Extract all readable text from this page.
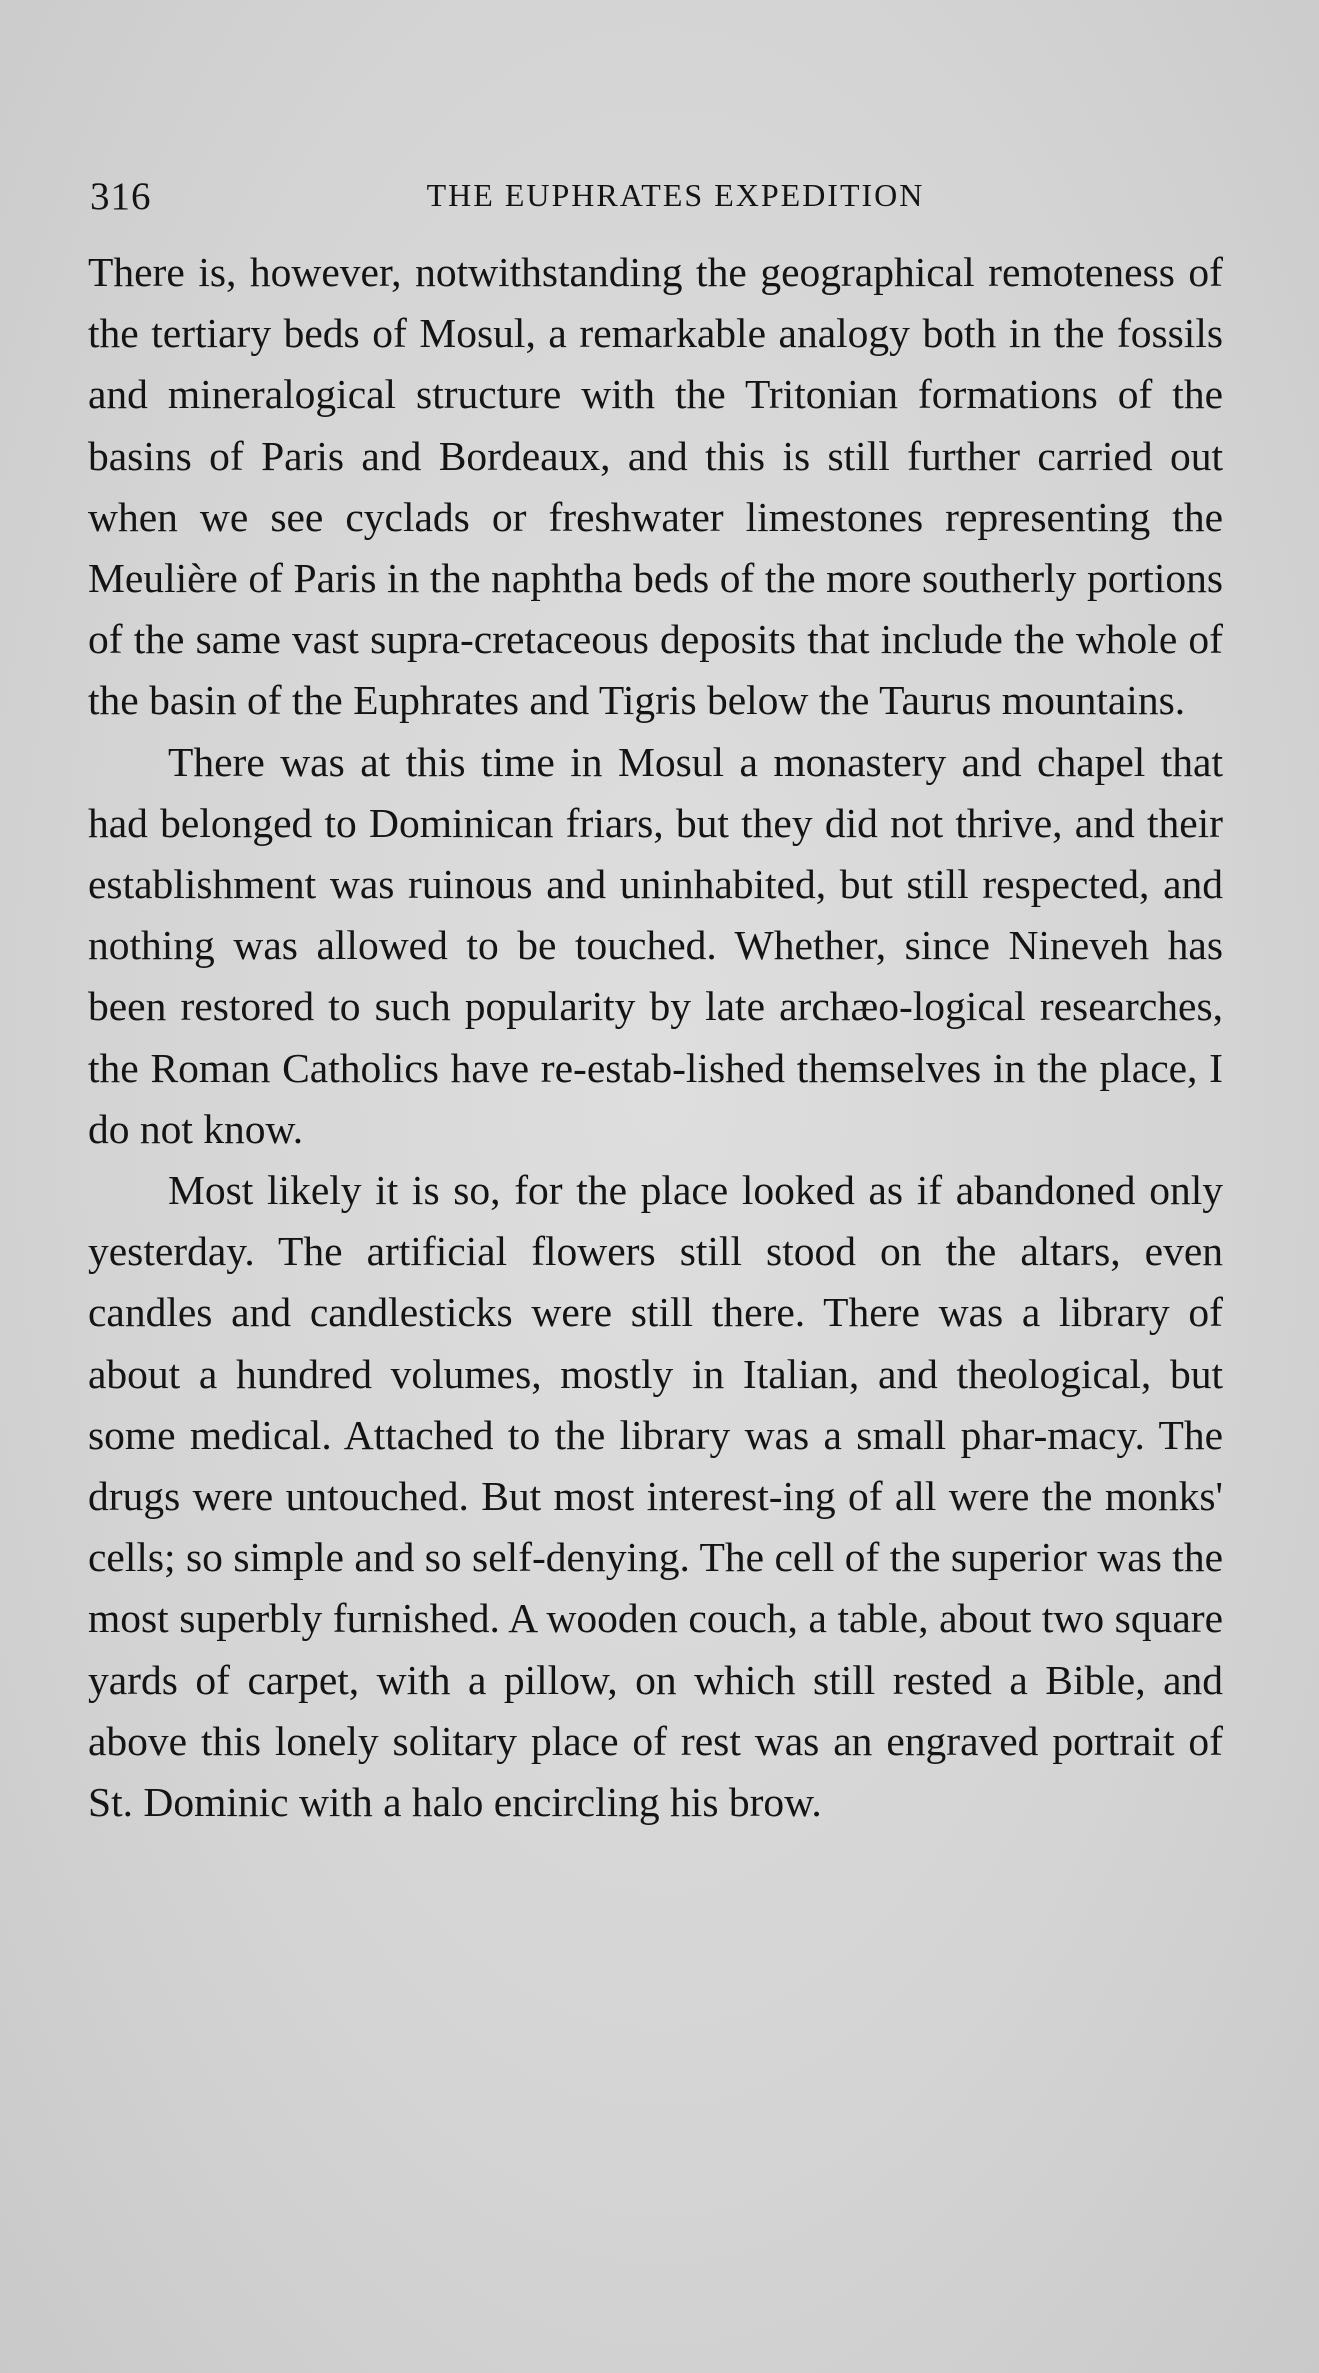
316	THE EUPHRATES EXPEDITION

There is, however, notwithstanding the geographical remoteness of the tertiary beds of Mosul, a remarkable analogy both in the fossils and mineralogical structure with the Tritonian formations of the basins of Paris and Bordeaux, and this is still further carried out when we see cyclads or freshwater limestones representing the Meulière of Paris in the naphtha beds of the more southerly portions of the same vast supra-cretaceous deposits that include the whole of the basin of the Euphrates and Tigris below the Taurus mountains.

There was at this time in Mosul a monastery and chapel that had belonged to Dominican friars, but they did not thrive, and their establishment was ruinous and uninhabited, but still respected, and nothing was allowed to be touched. Whether, since Nineveh has been restored to such popularity by late archæo-logical researches, the Roman Catholics have re-estab-lished themselves in the place, I do not know.

Most likely it is so, for the place looked as if abandoned only yesterday. The artificial flowers still stood on the altars, even candles and candlesticks were still there. There was a library of about a hundred volumes, mostly in Italian, and theological, but some medical. Attached to the library was a small phar-macy. The drugs were untouched. But most interest-ing of all were the monks' cells; so simple and so self-denying. The cell of the superior was the most superbly furnished. A wooden couch, a table, about two square yards of carpet, with a pillow, on which still rested a Bible, and above this lonely solitary place of rest was an engraved portrait of St. Dominic with a halo encircling his brow.
